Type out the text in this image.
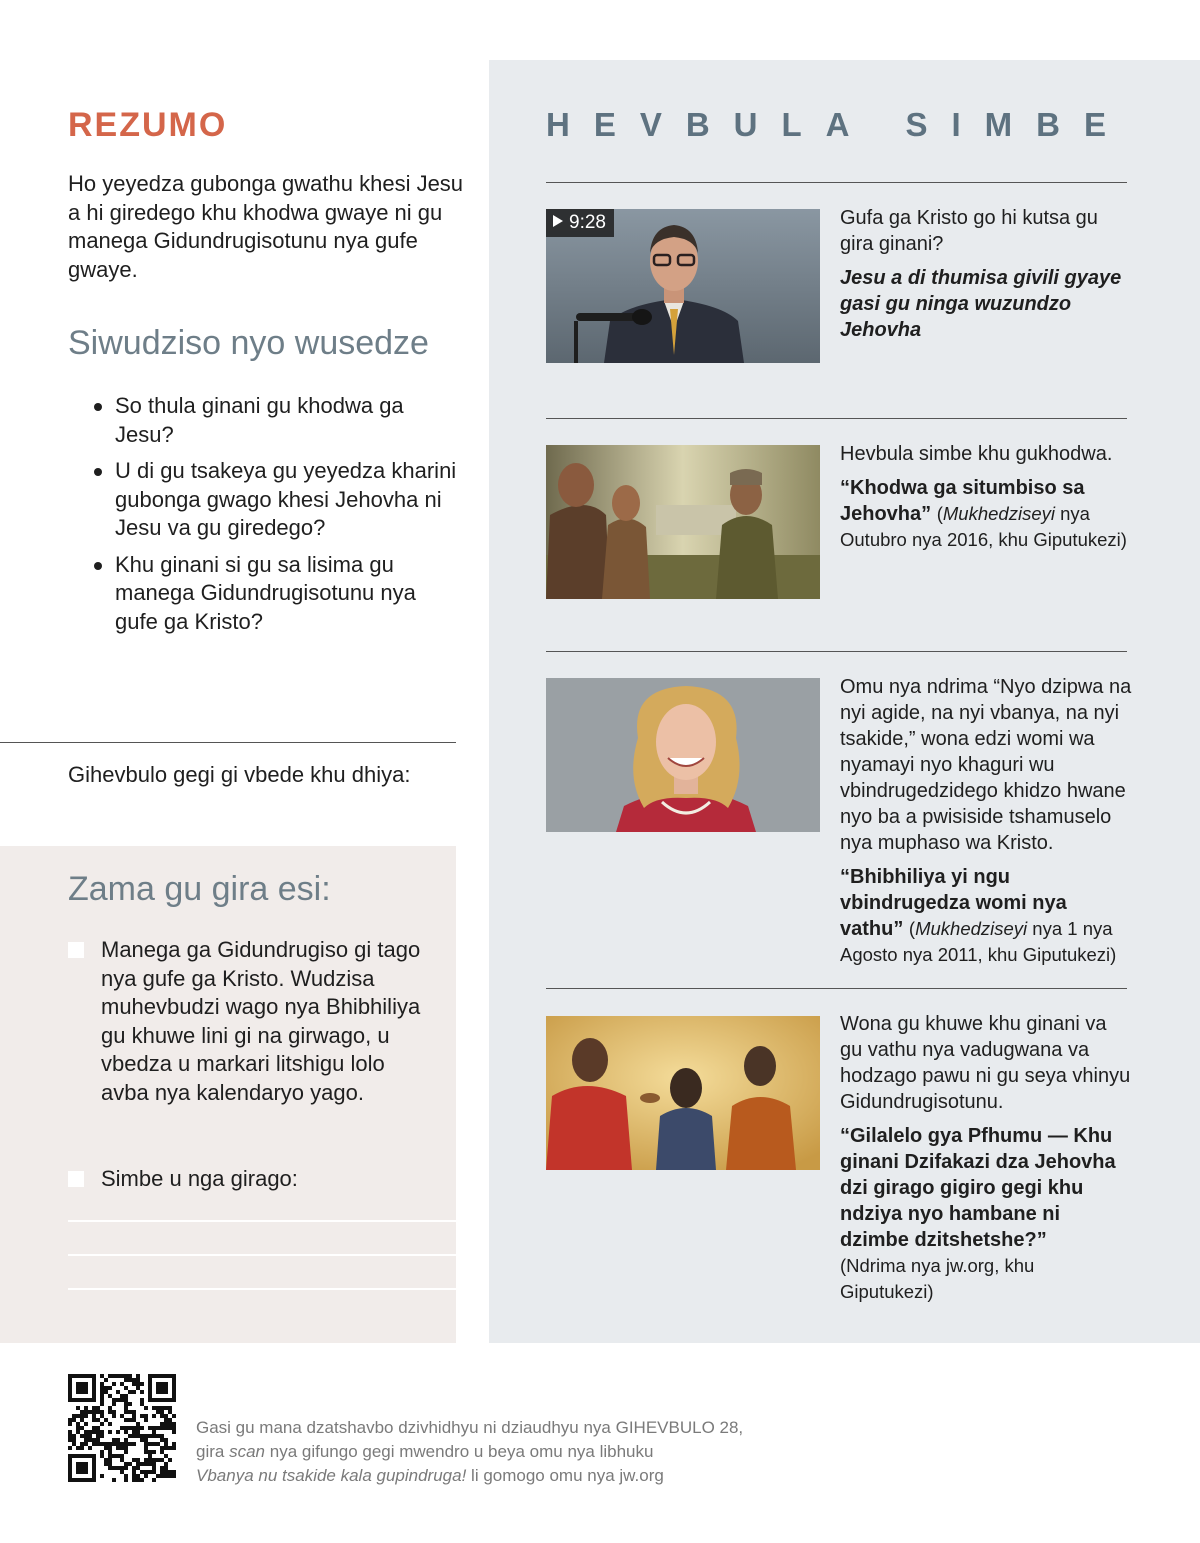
REZUMO
Ho yeyedza gubonga gwathu khesi Jesu a hi giredego khu khodwa gwaye ni gu manega Gidundrugisotunu nya gufe gwaye.
Siwudziso nyo wusedze
So thula ginani gu khodwa ga Jesu?
U di gu tsakeya gu yeyedza kharini gubonga gwago khesi Jehovha ni Jesu va gu giredego?
Khu ginani si gu sa lisima gu manega Gidundrugisotunu nya gufe ga Kristo?
Gihevbulo gegi gi vbede khu dhiya:
Zama gu gira esi:
Manega ga Gidundrugiso gi tago nya gufe ga Kristo. Wudzisa muhevbudzi wago nya Bhibhiliya gu khuwe lini gi na girwago, u vbedza u markari litshigu lolo avba nya kalendaryo yago.
Simbe u nga girago:
HEVBULA SIMBE
9:28	Gufa ga Kristo go hi kutsa gu gira ginani?

Jesu a di thumisa givili gyaye gasi gu ninga wuzundzo Jehovha

Hevbula simbe khu gukhodwa.

“Khodwa ga situmbiso sa Jehovha” (Mukhedziseyi nya Outubro nya 2016, khu Giputukezi)

Omu nya ndrima “Nyo dzipwa na nyi agide, na nyi vbanya, na nyi tsakide,” wona edzi womi wa nyamayi nyo khaguri wu vbindrugedzidego khidzo hwane nyo ba a pwisiside tshamuselo nya muphaso wa Kristo.

“Bhibhiliya yi ngu vbindrugedza womi nya vathu” (Mukhedziseyi nya 1 nya Agosto nya 2011, khu Giputukezi)

Wona gu khuwe khu ginani va gu vathu nya vadugwana va hodzago pawu ni gu seya vhinyu Gidundrugisotunu.

“Gilalelo gya Pfhumu — Khu ginani Dzifakazi dza Jehovha dzi girago gigiro gegi khu ndziya nyo hambane ni dzimbe dzitshetshe?”

(Ndrima nya jw.org, khu Giputukezi)

Gasi gu mana dzatshavbo dzivhidhyu ni dziaudhyu nya GIHEVBULO 28,
gira scan nya gifungo gegi mwendro u beya omu nya libhuku
Vbanya nu tsakide kala gupindruga! li gomogo omu nya jw.org
